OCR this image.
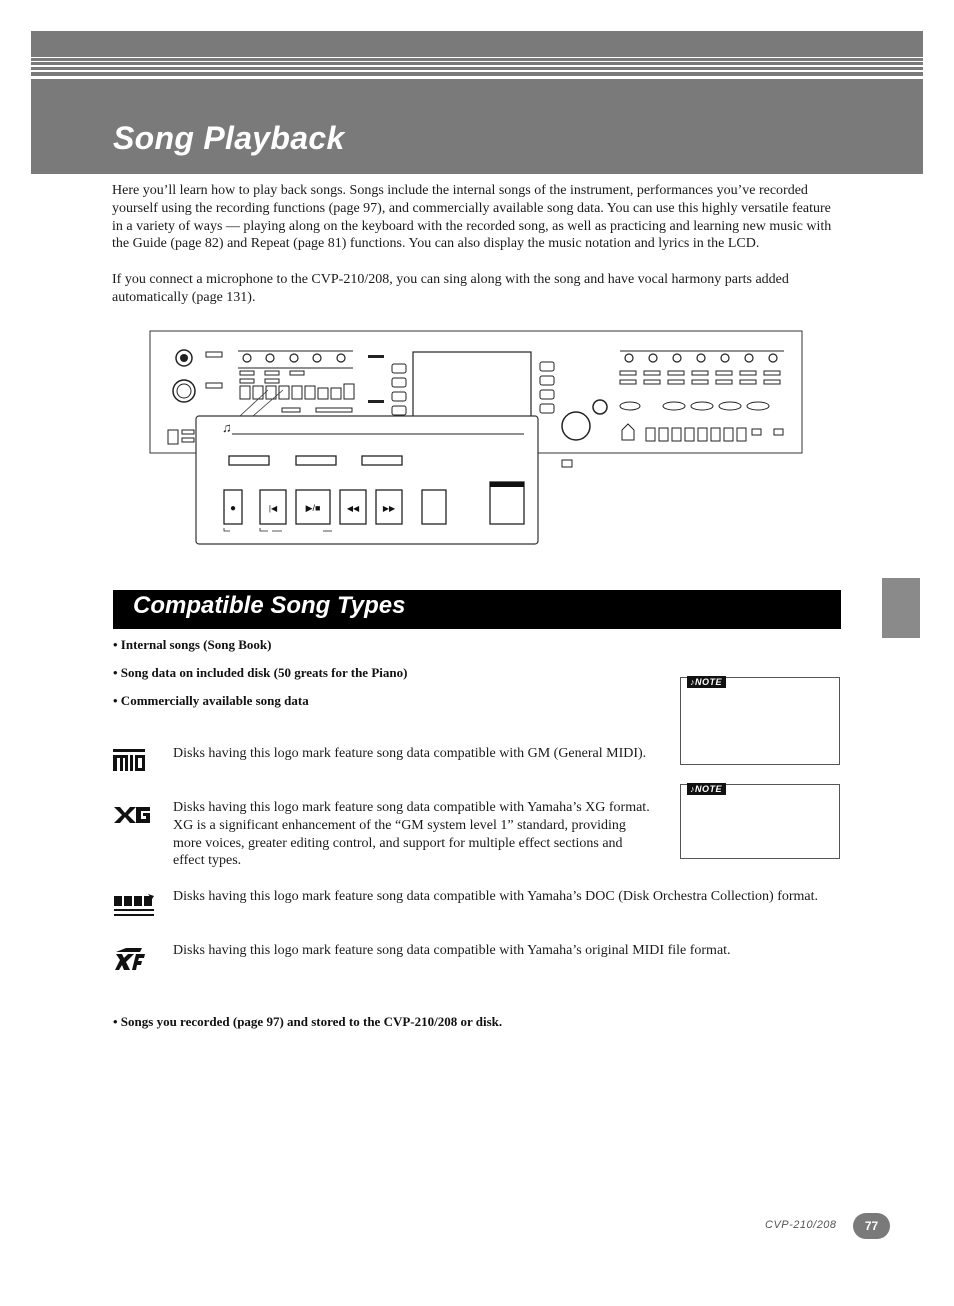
Song Playback

Here you’ll learn how to play back songs. Songs include the internal songs of the instrument, performances you’ve recorded yourself using the recording functions (page 97), and commercially available song data. You can use this highly versatile feature in a variety of ways — playing along on the keyboard with the recorded song, as well as practicing and learning new music with the Guide (page 82) and Repeat (page 81) functions. You can also display the music notation and lyrics in the LCD.

If you connect a microphone to the CVP-210/208, you can sing along with the song and have vocal harmony parts added automatically (page 131).

♫
●	|◀	▶/■	◀◀	▶▶
Compatible Song Types

• Internal songs (Song Book)

• Song data on included disk (50 greats for the Piano)

• Commercially available song data

♪NOTE
♪NOTE

Disks having this logo mark feature song data compatible with GM (General MIDI).

Disks having this logo mark feature song data compatible with Yamaha’s XG format. XG is a significant enhancement of the “GM system level 1” standard, providing more voices, greater editing control, and support for multiple effect sections and effect types.

Disks having this logo mark feature song data compatible with Yamaha’s DOC (Disk Orchestra Collection) format.

Disks having this logo mark feature song data compatible with Yamaha’s original MIDI file format.

• Songs you recorded (page 97) and stored to the CVP-210/208 or disk.

CVP-210/208	77
